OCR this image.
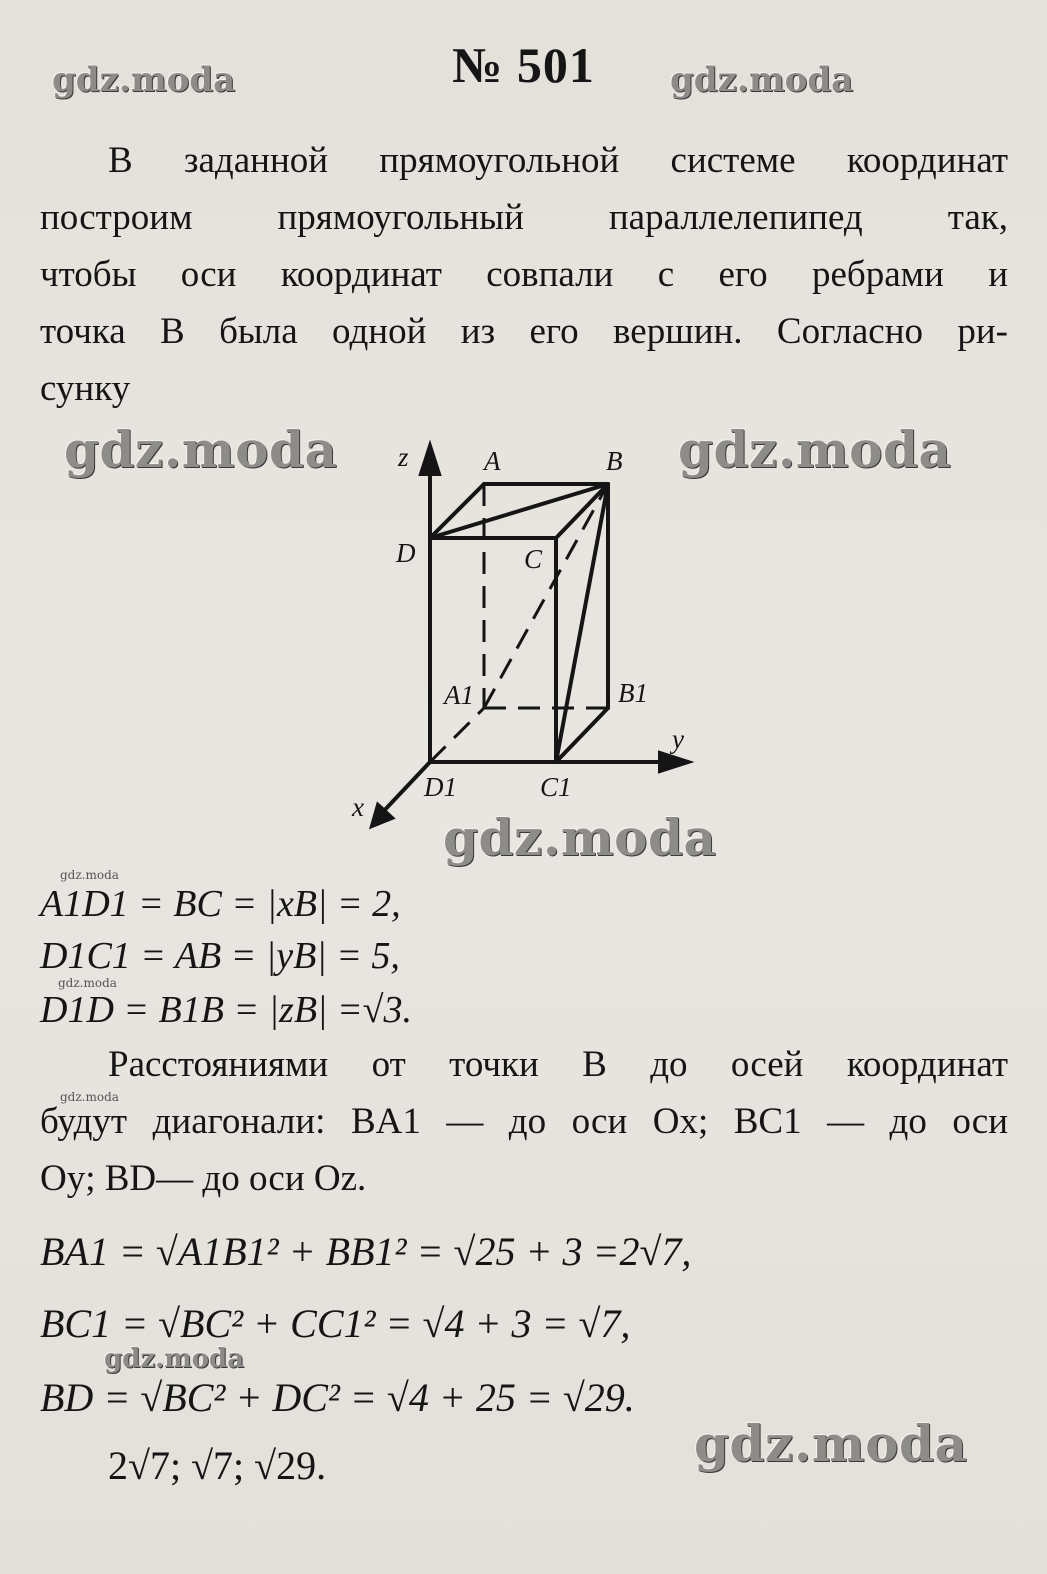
№ 501
gdz.moda	gdz.moda
gdz.moda	gdz.moda
gdz.moda
gdz.moda
gdz.moda
gdz.moda
gdz.moda
gdz.moda
В заданной прямоугольной системе координат
построим прямоугольный параллелепипед так,
чтобы оси координат совпали с его ребрами и
точка B была одной из его вершин. Согласно ри-
сунку
z	A	B
D	C
A1	B1
y
D1	C1
x
A1D1 = BC = |xB| = 2,
D1C1 = AB = |yB| = 5,
D1D = B1B = |zB| =√3.
Расстояниями от точки B до осей координат
будут диагонали: BA1 — до оси Ox; BC1 — до оси
Oy; BD— до оси Oz.
BA1 = √A1B1² + BB1² = √25 + 3 =2√7,
BC1 = √BC² + CC1² = √4 + 3 = √7,
BD = √BC² + DC² = √4 + 25 = √29.
2√7; √7; √29.
